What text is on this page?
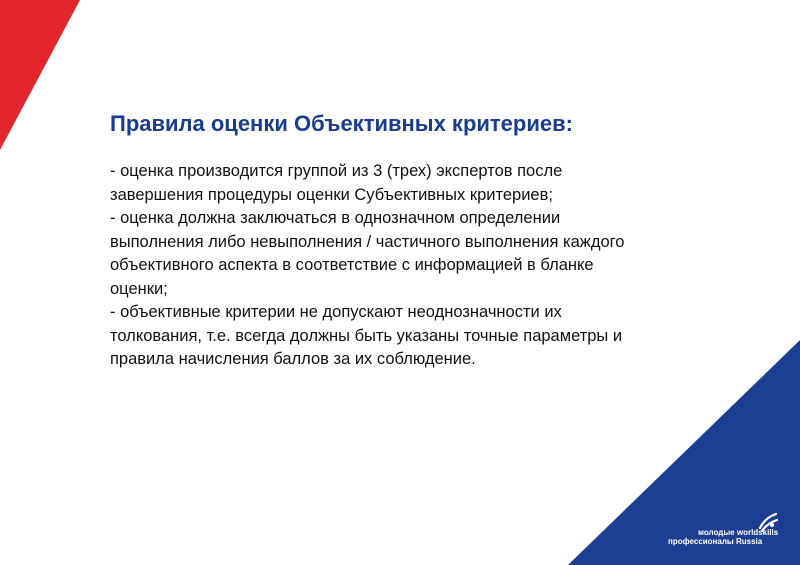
Правила оценки Объективных критериев:

- оценка производится группой из 3 (трех) экспертов после

завершения процедуры оценки Субъективных критериев;

- оценка должна заключаться в однозначном определении

выполнения либо невыполнения / частичного выполнения каждого

объективного аспекта в соответствие с информацией в бланке

оценки;

- объективные критерии не допускают неоднозначности их

толкования, т.е. всегда должны быть указаны точные параметры и

правила начисления баллов за их соблюдение.

молодые worldskills
профессионалы Russia
